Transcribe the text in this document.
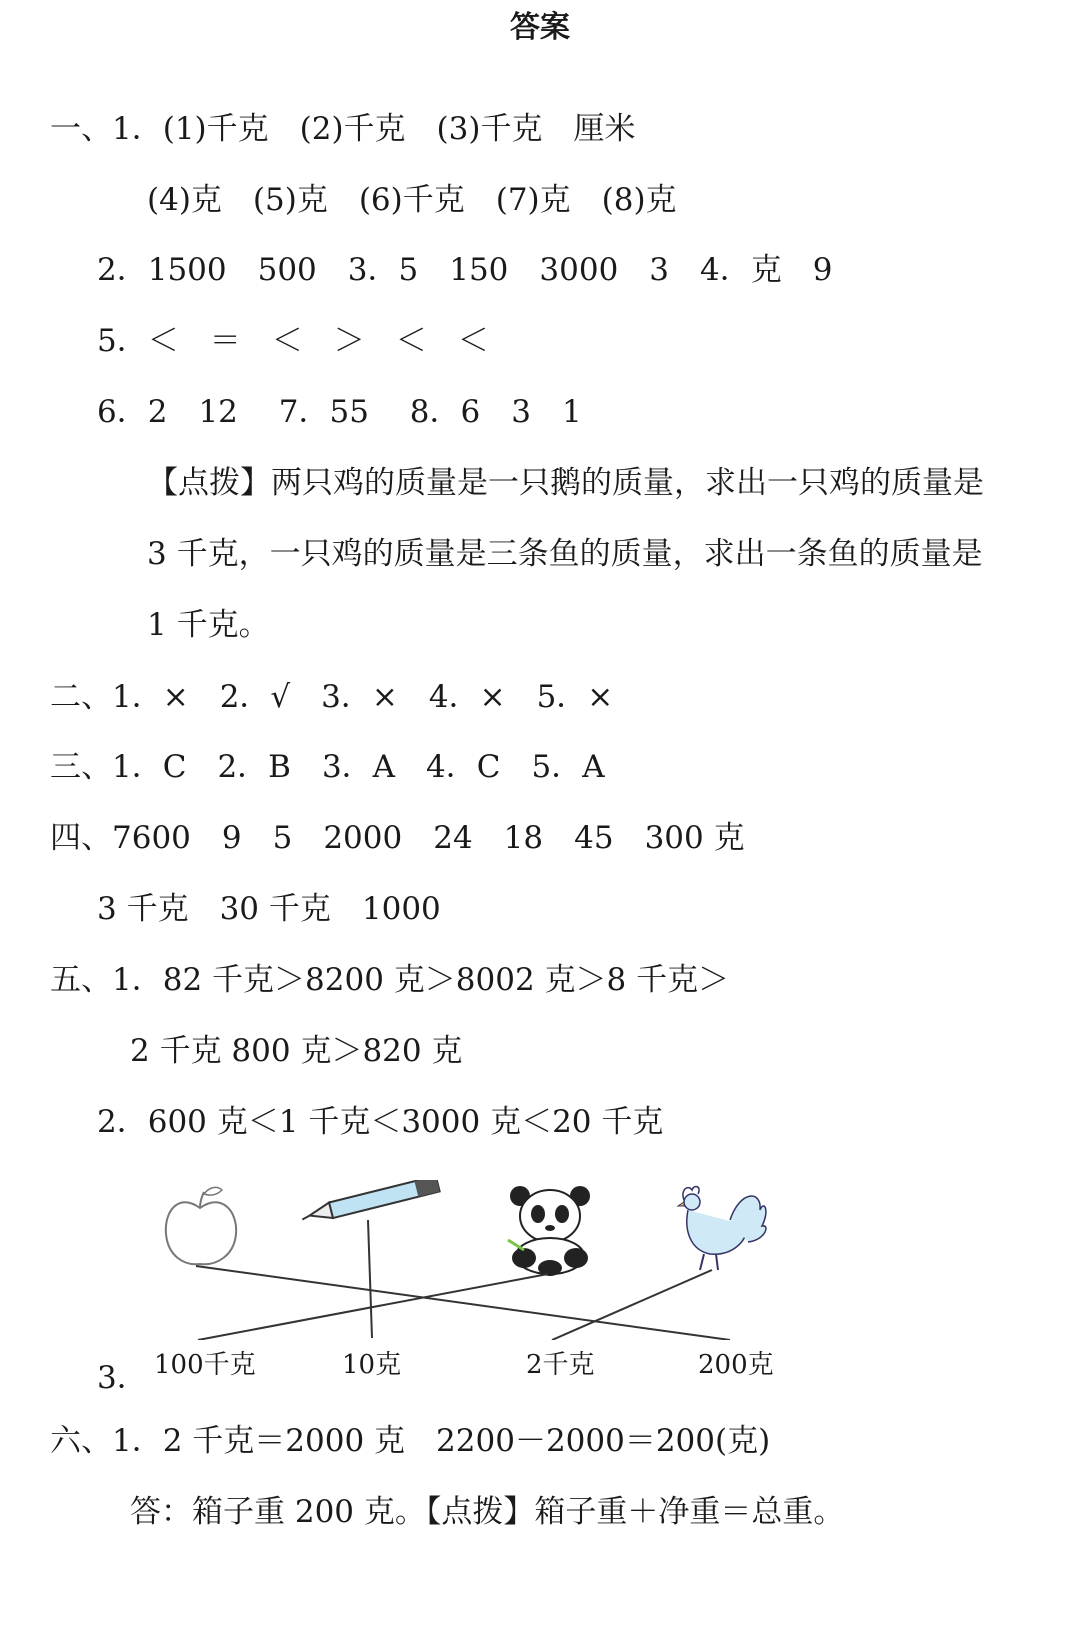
答案
一、1．(1)千克　(2)千克　(3)千克　厘米
(4)克　(5)克　(6)千克　(7)克　(8)克
2．1500　500　3．5　150　3000　3　4．克　9
5．＜　＝　＜　＞　＜　＜
6．2　12　 7．55　 8．6　3　1
【点拨】两只鸡的质量是一只鹅的质量，求出一只鸡的质量是
3 千克，一只鸡的质量是三条鱼的质量，求出一条鱼的质量是
1 千克。
二、1．×　2．√　3．×　4．×　5．×
三、1．C　2．B　3．A　4．C　5．A
四、7600　9　5　2000　24　18　45　300 克
3 千克　30 千克　1000
五、1．82 千克＞8200 克＞8002 克＞8 千克＞
2 千克 800 克＞820 克
2．600 克＜1 千克＜3000 克＜20 千克
3．
六、1．2 千克＝2000 克　2200－2000＝200(克)
答：箱子重 200 克。【点拨】箱子重＋净重＝总重。
100千克	10克	2千克	200克
